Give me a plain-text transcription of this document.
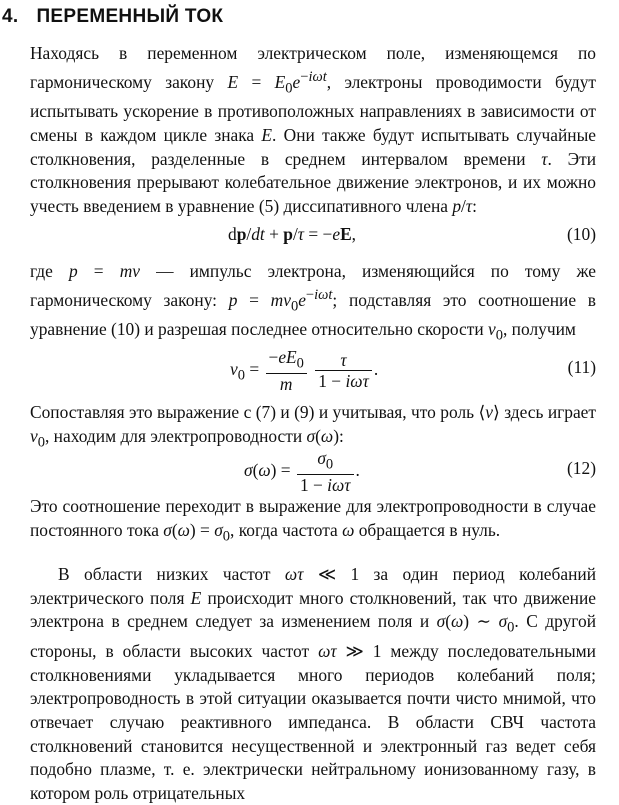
4. ПЕРЕМЕННЫЙ ТОК
Находясь в переменном электрическом поле, изменяющемся по гармоническому закону $E = E_0e^{-i\omega t}$, электроны проводимости будут испытывать ускорение в противоположных направлениях в зависимости от смены в каждом цикле знака E. Они также будут испытывать случайные столкновения, разделенные в среднем интервалом времени τ. Эти столкновения прерывают колебательное движение электронов, и их можно учесть введением в уравнение (5) диссипативного члена p/τ:
dp/dt + p/τ = −eE,	(10)
где p = mv — импульс электрона, изменяющийся по тому же гармоническому закону: $p = mv_0e^{-i\omega t}$; подставляя это соотношение в уравнение (10) и разрешая последнее относительно скорости $v_0$, получим
$v_0 = \frac{-eE_0}{m}$
$\frac{\tau}{\text{1 − iωτ}}$ .	(11)
Сопоставляя это выражение с (7) и (9) и учитывая, что роль ⟨v⟩ здесь играет $v_0$, находим для электропроводности σ(ω):
$\sigma(\omega) = \frac{\sigma_0}{\text{1 − iωτ}}$ .	(12)
Это соотношение переходит в выражение для электропроводности в случае постоянного тока $\sigma(\omega) = \sigma_0$, когда частота ω обращается в нуль.
В области низких частот ωτ ≪ 1 за один период колебаний электрического поля E происходит много столкновений, так что движение электрона в среднем следует за изменением поля и σ(ω) ∼ $\sigma_0$. С другой стороны, в области высоких частот ωτ ≫ 1 между последовательными столкновениями укладывается много периодов колебаний поля; электропроводность в этой ситуации оказывается почти чисто мнимой, что отвечает случаю реактивного импеданса. В области СВЧ частота столкновений становится несущественной и электронный газ ведет себя подобно плазме, т. е. электрически нейтральному ионизованному газу, в котором роль отрицательных
